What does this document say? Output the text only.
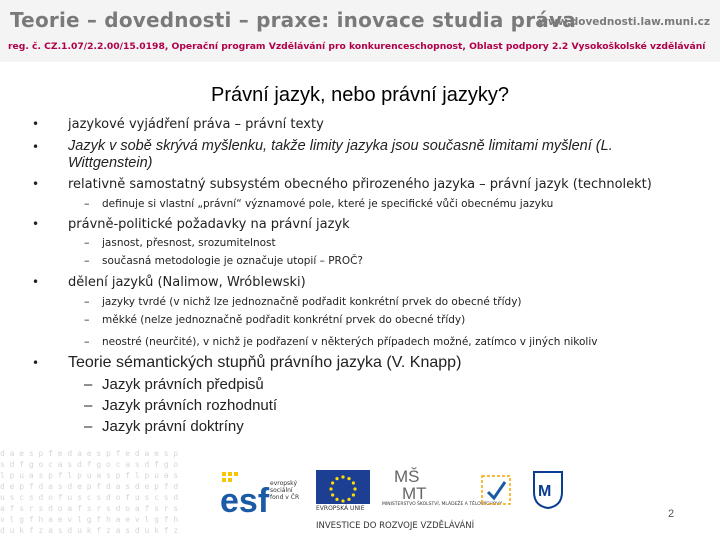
Teorie – dovednosti – praxe: inovace studia práva
www.dovednosti.law.muni.cz
reg. č. CZ.1.07/2.2.00/15.0198, Operační program Vzdělávání pro konkurenceschopnost, Oblast podpory 2.2 Vysokoškolské vzdělávání
Právní jazyk, nebo právní jazyky?
• jazykové vyjádření práva – právní texty
• Jazyk v sobě skrývá myšlenku, takže limity jazyka jsou současně limitami myšlení (L.
Wittgenstein)
• relativně samostatný subsystém obecného přirozeného jazyka – právní jazyk (technolekt)
– definuje si vlastní „právní“ významové pole, které je specifické vůči obecnému jazyku
• právně-politické požadavky na právní jazyk
– jasnost, přesnost, srozumitelnost
– současná metodologie je označuje utopií – PROČ?
• dělení jazyků (Nalimow, Wróblewski)
– jazyky tvrdé (v nichž lze jednoznačně podřadit konkrétní prvek do obecné třídy)
– měkké (nelze jednoznačně podřadit konkrétní prvek do obecné třídy)
– neostré (neurčité), v nichž je podřazení v některých případech možné, zatímco v jiných nikoliv
• Teorie sémantických stupňů právního jazyka (V. Knapp)
– Jazyk právních předpisů
– Jazyk právních rozhodnutí
– Jazyk právní doktríny
d a e s p f e d a e s p f e d a e s p
s d f g o c a s d f g o c a s d f g o
l p u a s p f l p u a s p f l p u a s
d e p f d a s d e p f d a s d e p f d
u s c s d o f u s c s d o f u s c s d
a f s r s d o a f s r s d o a f s r s
v l g f h a e v l g f h a e v l g f h
d u k f z a s d u k f z a s d u k f z
esf evropský sociální fond v ČR
EVROPSKÁ UNIE
MŠ
MT
MINISTERSTVO ŠKOLSTVÍ, MLÁDEŽE A TĚLOVÝCHOVY
M
INVESTICE DO ROZVOJE VZDĚLÁVÁNÍ
2
